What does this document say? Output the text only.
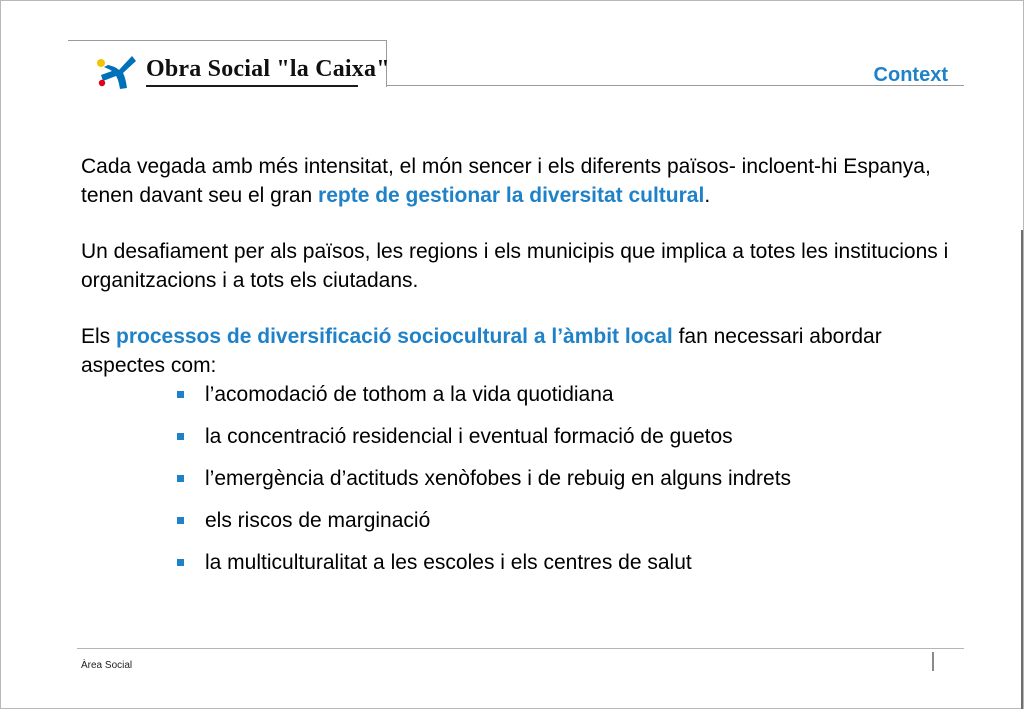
Obra Social "la Caixa"	Context

Cada vegada amb més intensitat, el món sencer i els diferents països- incloent-hi Espanya, tenen davant seu el gran repte de gestionar la diversitat cultural.

Un desafiament per als països, les regions i els municipis que implica a totes les institucions i organitzacions i a tots els ciutadans.

Els processos de diversificació sociocultural a l’àmbit local fan necessari abordar aspectes com:

l’acomodació de tothom a la vida quotidiana
la concentració residencial i eventual formació de guetos
l’emergència d’actituds xenòfobes i de rebuig en alguns indrets
els riscos de marginació
la multiculturalitat a les escoles i els centres de salut
Àrea Social
